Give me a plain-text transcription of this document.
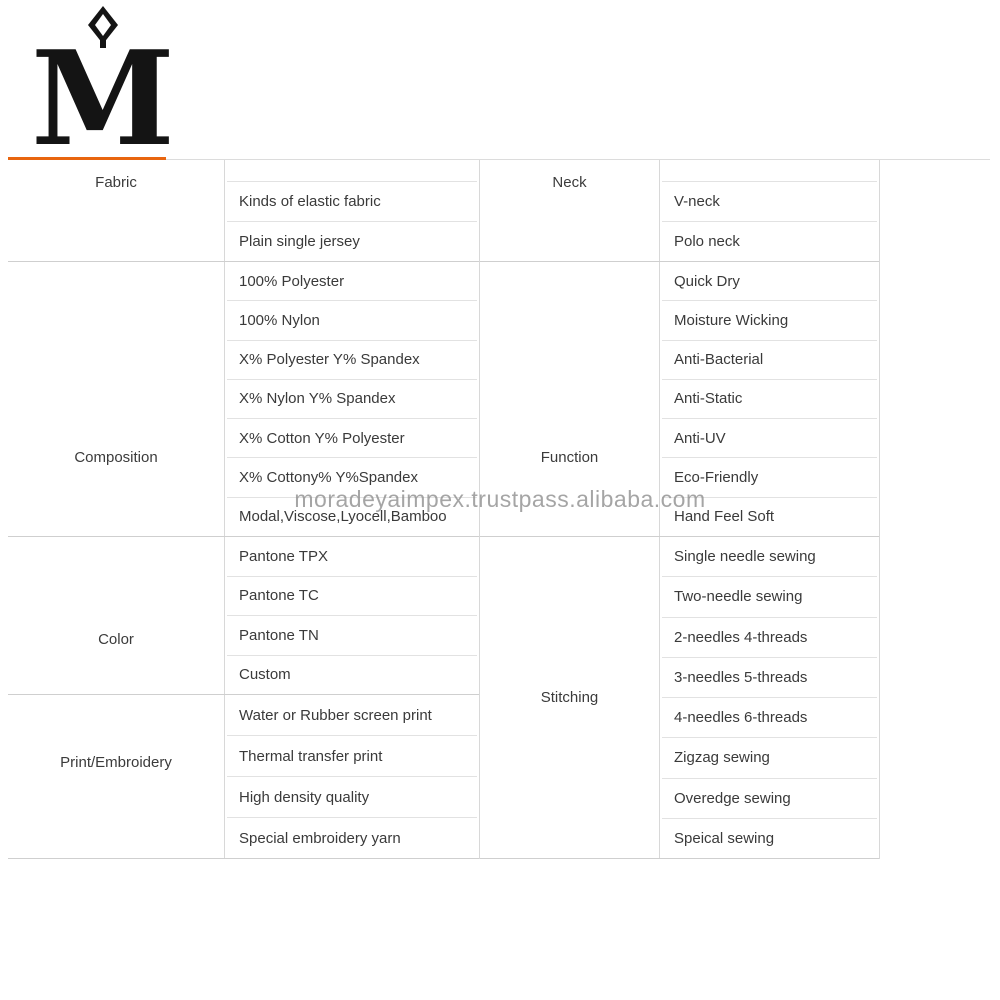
M
Fabric
Kinds of elastic fabric
Plain single jersey
Composition
100% Polyester
100% Nylon
X% Polyester Y% Spandex
X% Nylon Y% Spandex
X% Cotton Y% Polyester
X% Cottony% Y%Spandex
Modal,Viscose,Lyocell,Bamboo
Color
Pantone TPX
Pantone TC
Pantone TN
Custom
Print/Embroidery
Water or Rubber screen print
Thermal transfer print
High density quality
Special embroidery yarn
Neck
V-neck
Polo neck
Function
Quick Dry
Moisture Wicking
Anti-Bacterial
Anti-Static
Anti-UV
Eco-Friendly
Hand Feel Soft
Stitching
Single needle sewing
Two-needle sewing
2-needles 4-threads
3-needles 5-threads
4-needles 6-threads
Zigzag sewing
Overedge sewing
Speical sewing
moradeyaimpex.trustpass.alibaba.com
